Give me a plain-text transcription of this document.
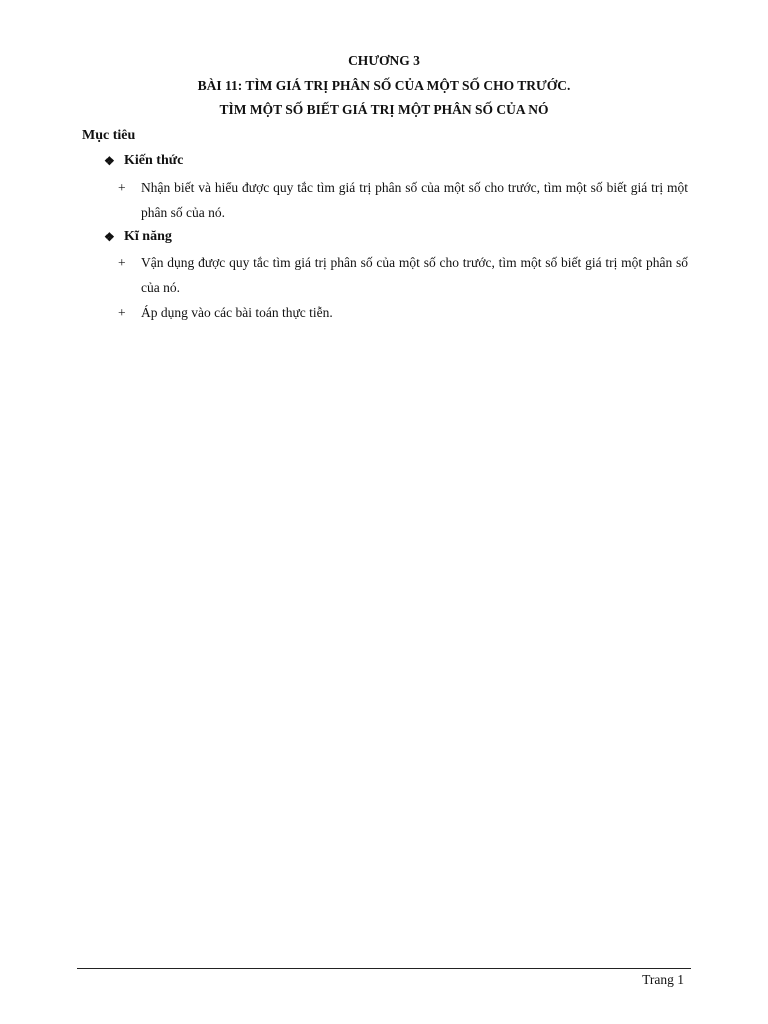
CHƯƠNG 3
BÀI 11: TÌM GIÁ TRỊ PHÂN SỐ CỦA MỘT SỐ CHO TRƯỚC.
TÌM MỘT SỐ BIẾT GIÁ TRỊ MỘT PHÂN SỐ CỦA NÓ
Mục tiêu
❖ Kiến thức
+	Nhận biết và hiểu được quy tắc tìm giá trị phân số của một số cho trước, tìm một số biết giá trị một phân số của nó.
❖ Kĩ năng
+	Vận dụng được quy tắc tìm giá trị phân số của một số cho trước, tìm một số biết giá trị một phân số của nó.
+	Áp dụng vào các bài toán thực tiễn.
Trang 1
